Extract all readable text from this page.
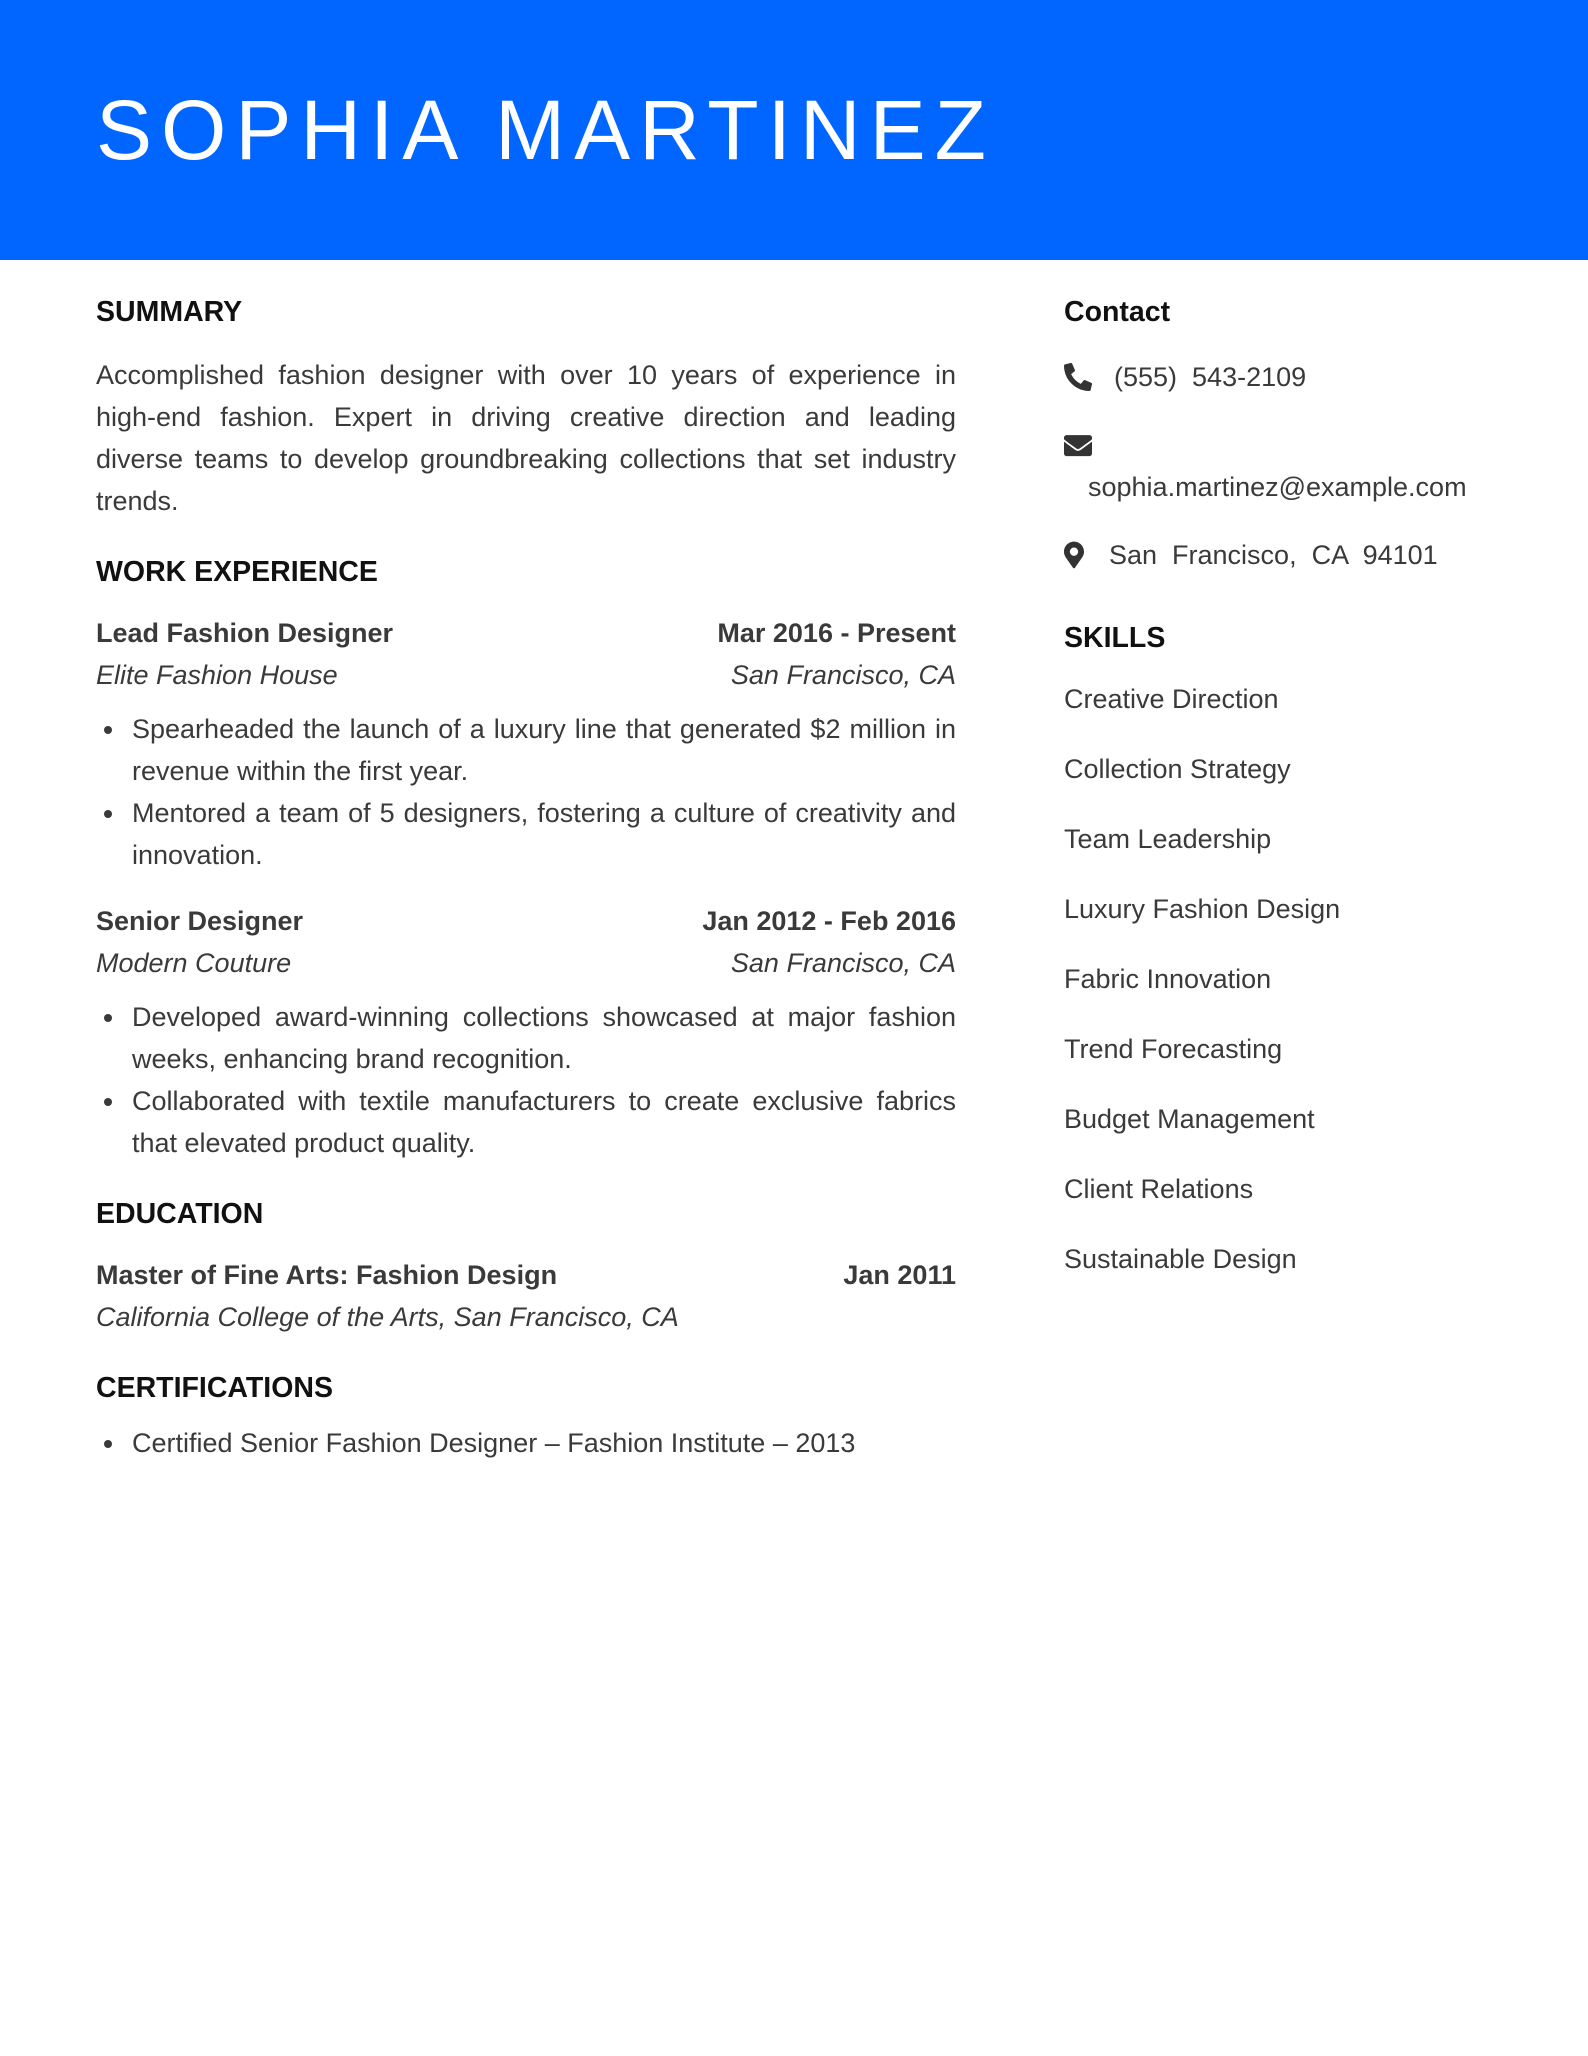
SOPHIA MARTINEZ
SUMMARY

Accomplished fashion designer with over 10 years of experience in high-end fashion. Expert in driving creative direction and leading diverse teams to develop groundbreaking collections that set industry trends.

WORK EXPERIENCE
Lead Fashion Designer	Mar 2016 - Present
Elite Fashion House	San Francisco, CA
Spearheaded the launch of a luxury line that generated $2 million in revenue within the first year.
Mentored a team of 5 designers, fostering a culture of creativity and innovation.
Senior Designer	Jan 2012 - Feb 2016
Modern Couture	San Francisco, CA
Developed award-winning collections showcased at major fashion weeks, enhancing brand recognition.
Collaborated with textile manufacturers to create exclusive fabrics that elevated product quality.
EDUCATION
Master of Fine Arts: Fashion Design	Jan 2011
California College of the Arts, San Francisco, CA
CERTIFICATIONS
Certified Senior Fashion Designer – Fashion Institute – 2013
Contact
(555)  543-2109
sophia.martinez@example.com
San  Francisco,  CA  94101
SKILLS
Creative Direction
Collection Strategy
Team Leadership
Luxury Fashion Design
Fabric Innovation
Trend Forecasting
Budget Management
Client Relations
Sustainable Design
